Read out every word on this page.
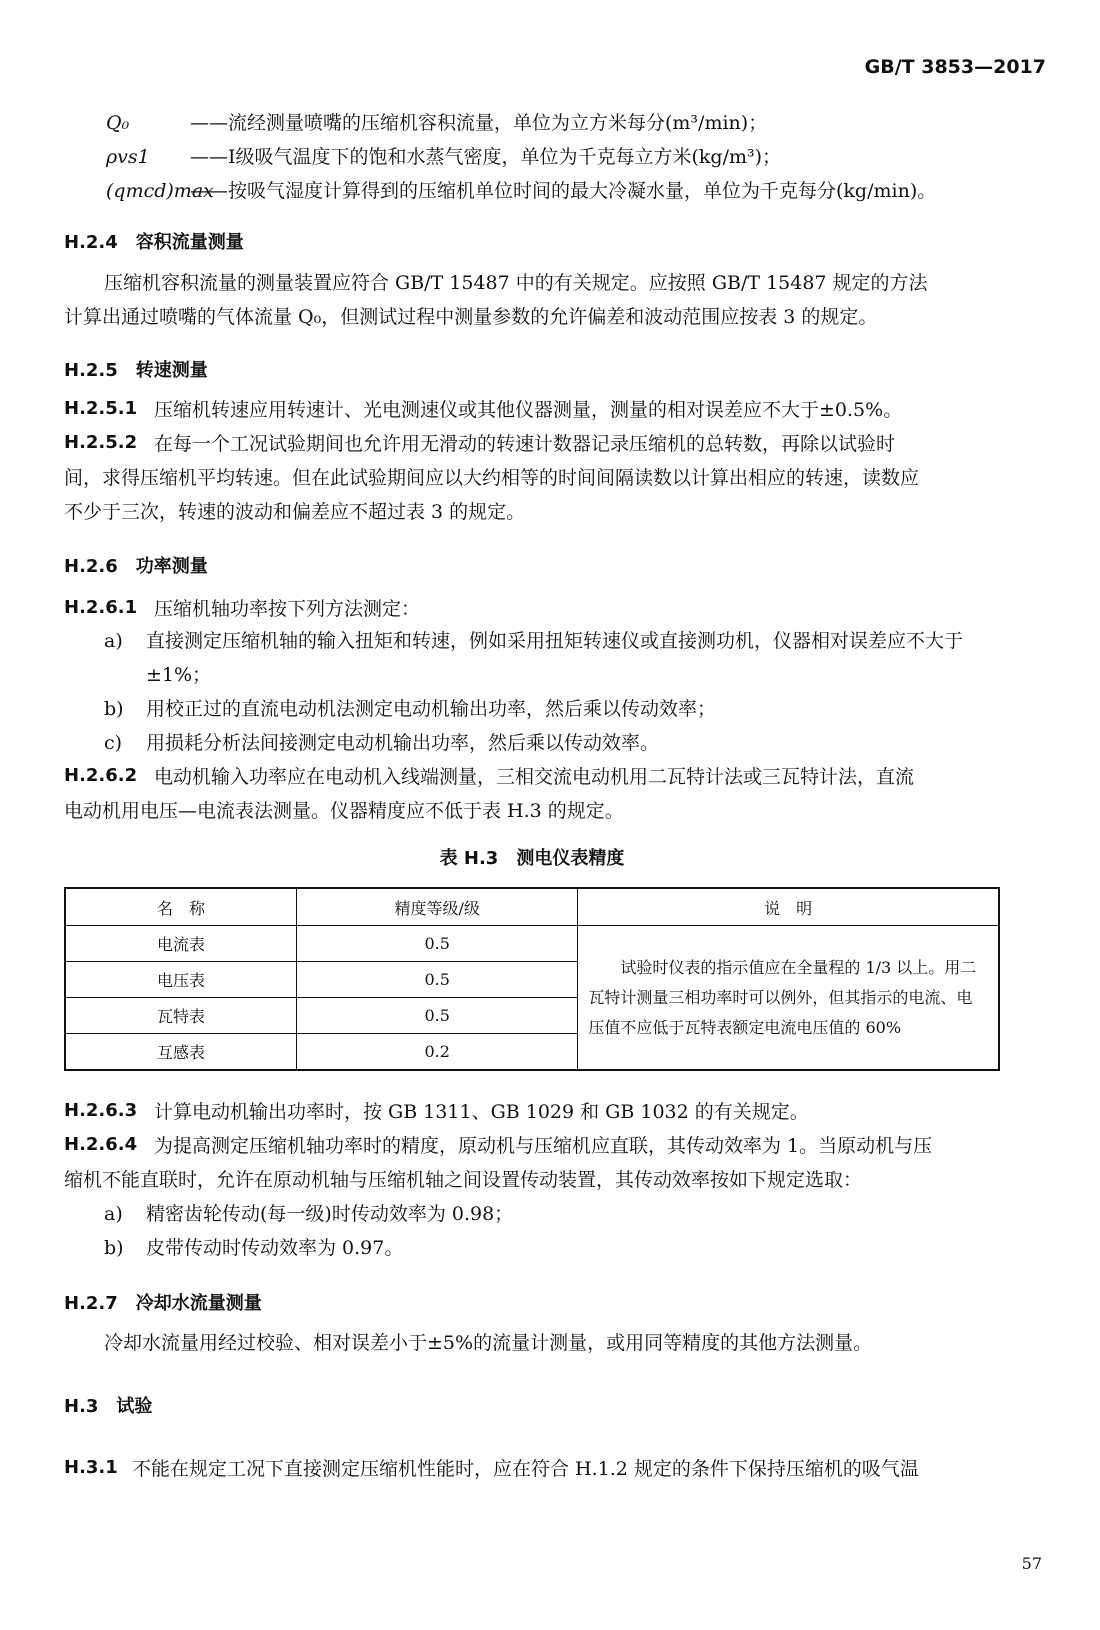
GB/T 3853—2017
Q₀	——流经测量喷嘴的压缩机容积流量，单位为立方米每分(m³/min)；
ρvs1 ——Ⅰ级吸气温度下的饱和水蒸气密度，单位为千克每立方米(kg/m³)；
(qmcd)max
——按吸气湿度计算得到的压缩机单位时间的最大冷凝水量，单位为千克每分(kg/min)。
H.2.4　容积流量测量
压缩机容积流量的测量装置应符合 GB/T 15487 中的有关规定。应按照 GB/T 15487 规定的方法
计算出通过喷嘴的气体流量 Q₀，但测试过程中测量参数的允许偏差和波动范围应按表 3 的规定。
H.2.5　转速测量
H.2.5.1 压缩机转速应用转速计、光电测速仪或其他仪器测量，测量的相对误差应不大于±0.5%。
H.2.5.2 在每一个工况试验期间也允许用无滑动的转速计数器记录压缩机的总转数，再除以试验时
间，求得压缩机平均转速。但在此试验期间应以大约相等的时间间隔读数以计算出相应的转速，读数应
不少于三次，转速的波动和偏差应不超过表 3 的规定。
H.2.6　功率测量
H.2.6.1 压缩机轴功率按下列方法测定：
a) 直接测定压缩机轴的输入扭矩和转速，例如采用扭矩转速仪或直接测功机，仪器相对误差应不大于±1%；
b) 用校正过的直流电动机法测定电动机输出功率，然后乘以传动效率；
c) 用损耗分析法间接测定电动机输出功率，然后乘以传动效率。
H.2.6.2 电动机输入功率应在电动机入线端测量，三相交流电动机用二瓦特计法或三瓦特计法，直流
电动机用电压—电流表法测量。仪器精度应不低于表 H.3 的规定。
表 H.3　测电仪表精度
名　称	精度等级/级	说　明
电流表	0.5	　　试验时仪表的指示值应在全量程的 1/3 以上。用二瓦特计测量三相功率时可以例外，但其指示的电流、电压值不应低于瓦特表额定电流电压值的 60%
电压表	0.5	
瓦特表	0.5	
互感表	0.2	
H.2.6.3 计算电动机输出功率时，按 GB 1311、GB 1029 和 GB 1032 的有关规定。
H.2.6.4 为提高测定压缩机轴功率时的精度，原动机与压缩机应直联，其传动效率为 1。当原动机与压
缩机不能直联时，允许在原动机轴与压缩机轴之间设置传动装置，其传动效率按如下规定选取：
a) 精密齿轮传动(每一级)时传动效率为 0.98；
b) 皮带传动时传动效率为 0.97。
H.2.7　冷却水流量测量
冷却水流量用经过校验、相对误差小于±5%的流量计测量，或用同等精度的其他方法测量。
H.3　试验
H.3.1 不能在规定工况下直接测定压缩机性能时，应在符合 H.1.2 规定的条件下保持压缩机的吸气温
57
